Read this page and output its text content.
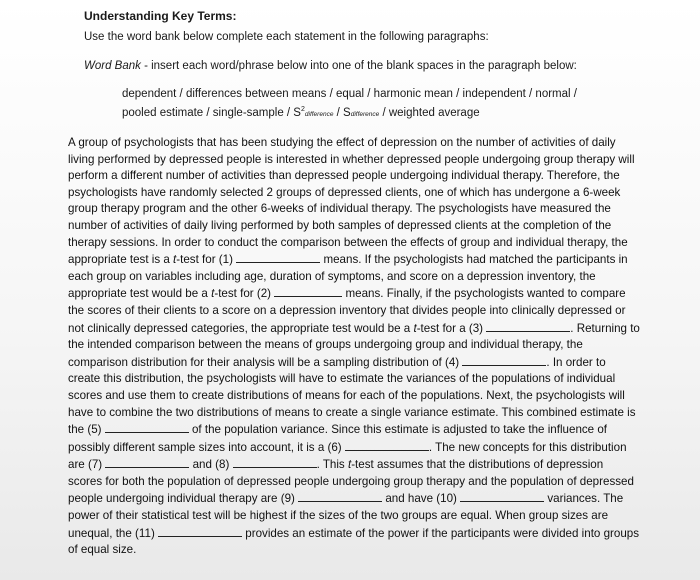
Understanding Key Terms:
Use the word bank below complete each statement in the following paragraphs:
Word Bank - insert each word/phrase below into one of the blank spaces in the paragraph below:
dependent / differences between means / equal / harmonic mean / independent / normal /
pooled estimate / single-sample / $S^2difference$ / Sdifference / weighted average
A group of psychologists that has been studying the effect of depression on the number of activities of daily living performed by depressed people is interested in whether depressed people undergoing group therapy will perform a different number of activities than depressed people undergoing individual therapy. Therefore, the psychologists have randomly selected 2 groups of depressed clients, one of which has undergone a 6-week group therapy program and the other 6-weeks of individual therapy. The psychologists have measured the number of activities of daily living performed by both samples of depressed clients at the completion of the therapy sessions. In order to conduct the comparison between the effects of group and individual therapy, the appropriate test is a t-test for (1)	means. If the psychologists had matched the participants in each group on variables including age, duration of symptoms, and score on a depression inventory, the appropriate test would be a t-test for (2)	means. Finally, if the psychologists wanted to compare the scores of their clients to a score on a depression inventory that divides people into clinically depressed or not clinically depressed categories, the appropriate test would be a t-test for a (3)	. Returning to the intended comparison between the means of groups undergoing group and individual therapy, the comparison distribution for their analysis will be a sampling distribution of (4)	. In order to create this distribution, the psychologists will have to estimate the variances of the populations of individual scores and use them to create distributions of means for each of the populations. Next, the psychologists will have to combine the two distributions of means to create a single variance estimate. This combined estimate is the (5)	of the population variance. Since this estimate is adjusted to take the influence of possibly different sample sizes into account, it is a (6)	. The new concepts for this distribution are (7)	and (8)	. This t-test assumes that the distributions of depression scores for both the population of depressed people undergoing group therapy and the population of depressed people undergoing individual therapy are (9)	and have (10)	variances. The power of their statistical test will be highest if the sizes of the two groups are equal. When group sizes are unequal, the (11)	provides an estimate of the power if the participants were divided into groups of equal size.
